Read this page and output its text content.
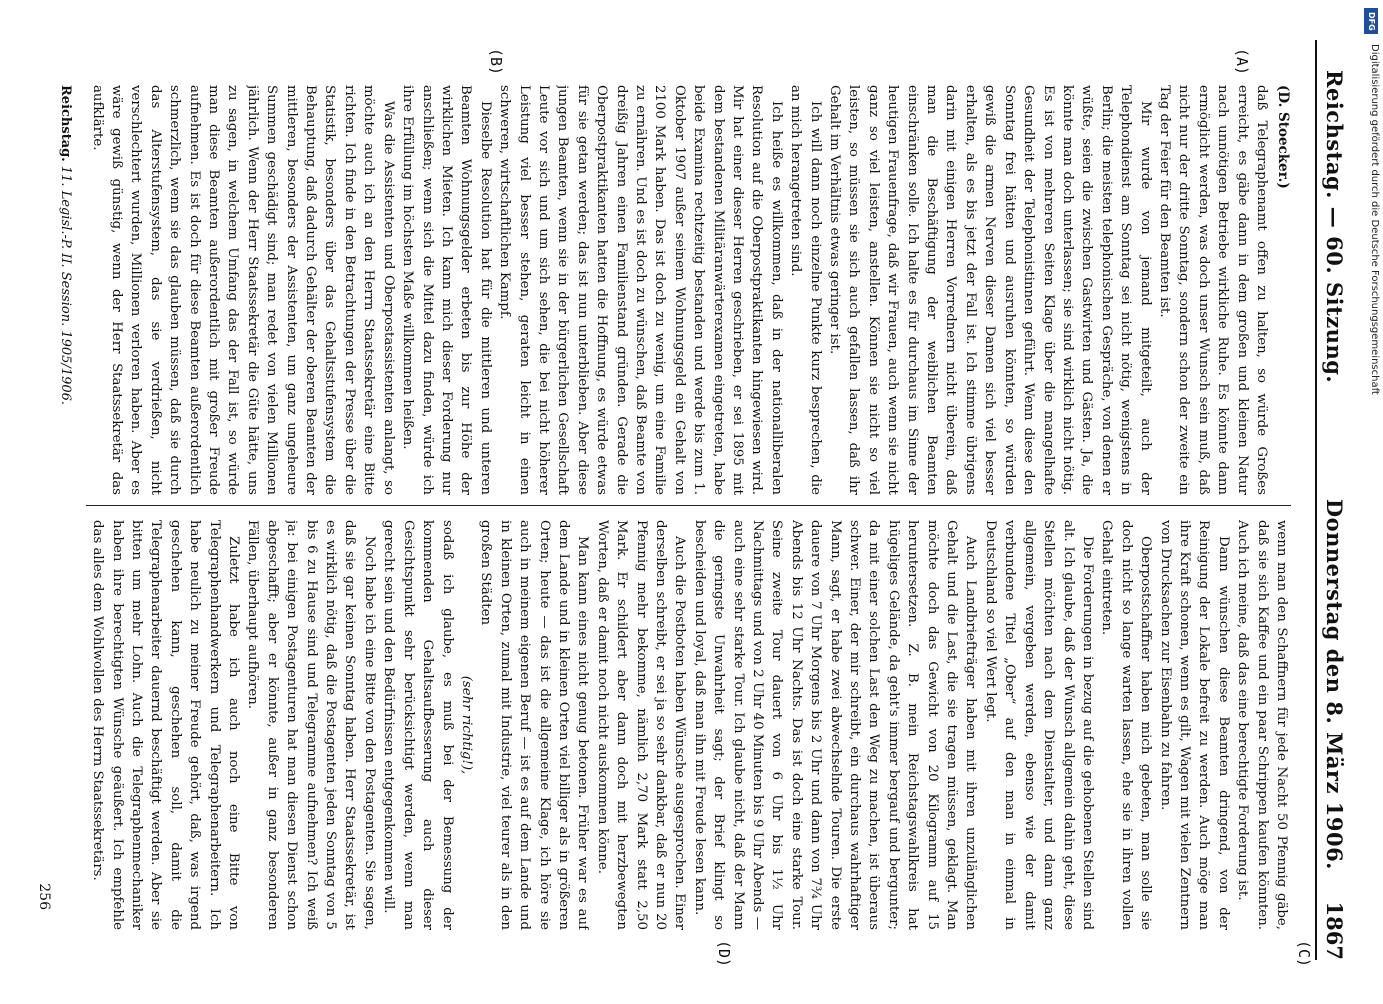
Reichstag. — 60. Sitzung.
Donnerstag den 8. März 1906.
1867
(A)
(B)
(C)
(D)
(D. Stoecker.)

daß Telegraphenamt offen zu halten, so würde Großes erreicht, es gäbe dann in dem großen und kleinen Natur nach unnötigen Betriebe wirkliche Ruhe. Es könnte dann ermöglicht werden, was doch unser Wunsch sein muß, daß nicht nur der dritte Sonntag, sondern schon der zweite ein Tag der Feier für den Beamten ist.

Mir wurde von jemand mitgeteilt, auch der Telephondienst am Sonntag sei nicht nötig, wenigstens in Berlin; die meisten telephonischen Gespräche, von denen er wüßte, seien die zwischen Gastwirten und Gästen. Ja, die könnte man doch unterlassen; sie sind wirklich nicht nötig. Es ist von mehreren Seiten Klage über die mangelhafte Gesundheit der Telephonistinnen geführt. Wenn diese den Sonntag frei hätten und ausruhen könnten, so würden gewiß die armen Nerven dieser Damen sich viel besser erhalten, als es bis jetzt der Fall ist. Ich stimme übrigens darin mit einigen Herren Vorrednern nicht überein, daß man die Beschäftigung der weiblichen Beamten einschränken solle. Ich halte es für durchaus im Sinne der heutigen Frauenfrage, daß wir Frauen, auch wenn sie nicht ganz so viel leisten, anstellen. Können sie nicht so viel leisten, so müssen sie sich auch gefallen lassen, daß ihr Gehalt im Verhältnis etwas geringer ist.

Ich will dann noch einzelne Punkte kurz besprechen, die an mich herangetreten sind.

Ich heiße es willkommen, daß in der nationalliberalen Resolution auf die Oberpostpraktikanten hingewiesen wird. Mir hat einer dieser Herren geschrieben, er sei 1895 mit dem bestandenen Militäranwärterexamen eingetreten, habe beide Examina rechtzeitig bestanden und werde bis zum 1. Oktober 1907 außer seinem Wohnungsgeld ein Gehalt von 2100 Mark haben. Das ist doch zu wenig, um eine Familie zu ernähren. Und es ist doch zu wünschen, daß Beamte von dreißig Jahren einen Familienstand gründen. Gerade die Oberpostpraktikanten hatten die Hoffnung, es würde etwas für sie getan werden; das ist nun unterblieben. Aber diese jungen Beamten, wenn sie in der bürgerlichen Gesellschaft Leute vor sich und um sich sehen, die bei nicht höherer Leistung viel besser stehen, geraten leicht in einen schweren, wirtschaftlichen Kampf.

Dieselbe Resolution hat für die mittleren und unteren Beamten Wohnungsgelder erbeten bis zur Höhe der wirklichen Mieten. Ich kann mich dieser Forderung nur anschließen; wenn sich die Mittel dazu finden, würde ich ihre Erfüllung im höchsten Maße willkommen heißen.

Was die Assistenten und Oberpostassistenten anlangt, so möchte auch ich an den Herrn Staatssekretär eine Bitte richten. Ich finde in den Betrachtungen der Presse über die Statistik, besonders über das Gehaltsstufensystem die Behauptung, daß dadurch Gehälter der oberen Beamten der mittleren, besonders der Assistenten, um ganz ungeheure Summen geschädigt sind; man redet von vielen Millionen jährlich. Wenn der Herr Staatssekretär die Güte hätte, uns zu sagen, in welchem Umfang das der Fall ist, so würde man diese Beamten außerordentlich mit großer Freude aufnehmen. Es ist doch für diese Beamten außerordentlich schmerzlich, wenn sie das glauben müssen, daß sie durch das Alterstufensystem, das sie verdrießen, nicht verschlechtert wurden, Millionen verloren haben. Aber es wäre gewiß günstig, wenn der Herr Staatssekretär das aufklärte.

wenn man den Schaffnern für jede Nacht 50 Pfennig gäbe, daß sie sich Kaffee und ein paar Schrippen kaufen könnten. Auch ich meine, daß das eine berechtigte Forderung ist.

Dann wünschen diese Beamten dringend, von der Reinigung der Lokale befreit zu werden. Auch möge man ihre Kraft schonen, wenn es gilt, Wagen mit vielen Zentnern von Drucksachen zur Eisenbahn zu fahren.

Oberpostschaffner haben mich gebeten, man solle sie doch nicht so lange warten lassen, ehe sie in ihren vollen Gehalt eintreten.

Die Forderungen in bezug auf die gehobenen Stellen sind alt. Ich glaube, daß der Wunsch allgemein dahin geht, diese Stellen möchten nach dem Dienstalter, und dann ganz allgemein, vergeben werden, ebenso wie der damit verbundene Titel „Ober“ auf den man in einmal in Deutschland so viel Wert legt.

Auch Landbriefträger haben mit ihren unzulänglichen Gehalt und die Last, die sie tragen müssen, geklagt. Man möchte doch das Gewicht von 20 Kilogramm auf 15 heruntersetzen. Z. B. mein Reichstagswahlkreis hat hügeliges Gelände, da geht's immer bergauf und bergunter; da mit einer solchen Last den Weg zu machen, ist überaus schwer. Einer, der mir schreibt, ein durchaus wahrhaftiger Mann, sagt, er habe zwei abwechselnde Touren. Die erste dauere von 7 Uhr Morgens bis 2 Uhr und dann von 7¾ Uhr Abends bis 12 Uhr Nachts. Das ist doch eine starke Tour. Seine zweite Tour dauert von 6 Uhr bis 1½ Uhr Nachmittags und von 2 Uhr 40 Minuten bis 9 Uhr Abends — auch eine sehr starke Tour. Ich glaube nicht, daß der Mann die geringste Unwahrheit sagt; der Brief klingt so bescheiden und loyal, daß man ihn mit Freude lesen kann.

Auch die Postboten haben Wünsche ausgesprochen. Einer derselben schreibt, er sei ja so sehr dankbar, daß er nun 20 Pfennig mehr bekomme, nämlich 2,70 Mark statt 2,50 Mark. Er schildert aber dann doch mit herzbewegten Worten, daß er damit noch nicht auskommen könne.

Man kann eines nicht genug betonen. Früher war es auf dem Lande und in kleinen Orten viel billiger als in größeren Orten; heute — das ist die allgemeine Klage, ich höre sie auch in meinem eigenen Beruf — ist es auf dem Lande und in kleinen Orten, zumal mit Industrie, viel teurer als in den großen Städten

(sehr richtig!),

sodaß ich glaube, es muß bei der Bemessung der kommenden Gehaltsaufbesserung auch dieser Gesichtspunkt sehr berücksichtigt werden, wenn man gerecht sein und den Bedürfnissen entgegenkommen will.

Noch habe ich eine Bitte von den Postagenten. Sie sagen, daß sie gar keinen Sonntag haben. Herr Staatssekretär, ist es wirklich nötig, daß die Postagenten jeden Sonntag von 5 bis 6 zu Hause sind und Telegramme aufnehmen? Ich weiß ja: bei einigen Postagenturen hat man diesen Dienst schon abgeschafft; aber er könnte, außer in ganz besonderen Fällen, überhaupt aufhören.

Zuletzt habe ich auch noch eine Bitte von Telegraphenhandwerkern und Telegraphenarbeitern. Ich habe neulich zu meiner Freude gehört, daß, was irgend geschehen kann, geschehen soll, damit die Telegraphenarbeiter dauernd beschäftigt werden. Aber sie bitten um mehr Lohn. Auch die Telegraphenmechaniker haben ihre berechtigten Wünsche geäußert. Ich empfehle das alles dem Wohlwollen des Herrn Staatssekretärs.

Reichstag. 11. Legisl.-P. II. Session. 1905/1906.
256
DFG
Digitalisierung gefördert durch die Deutsche Forschungsgemeinschaft
